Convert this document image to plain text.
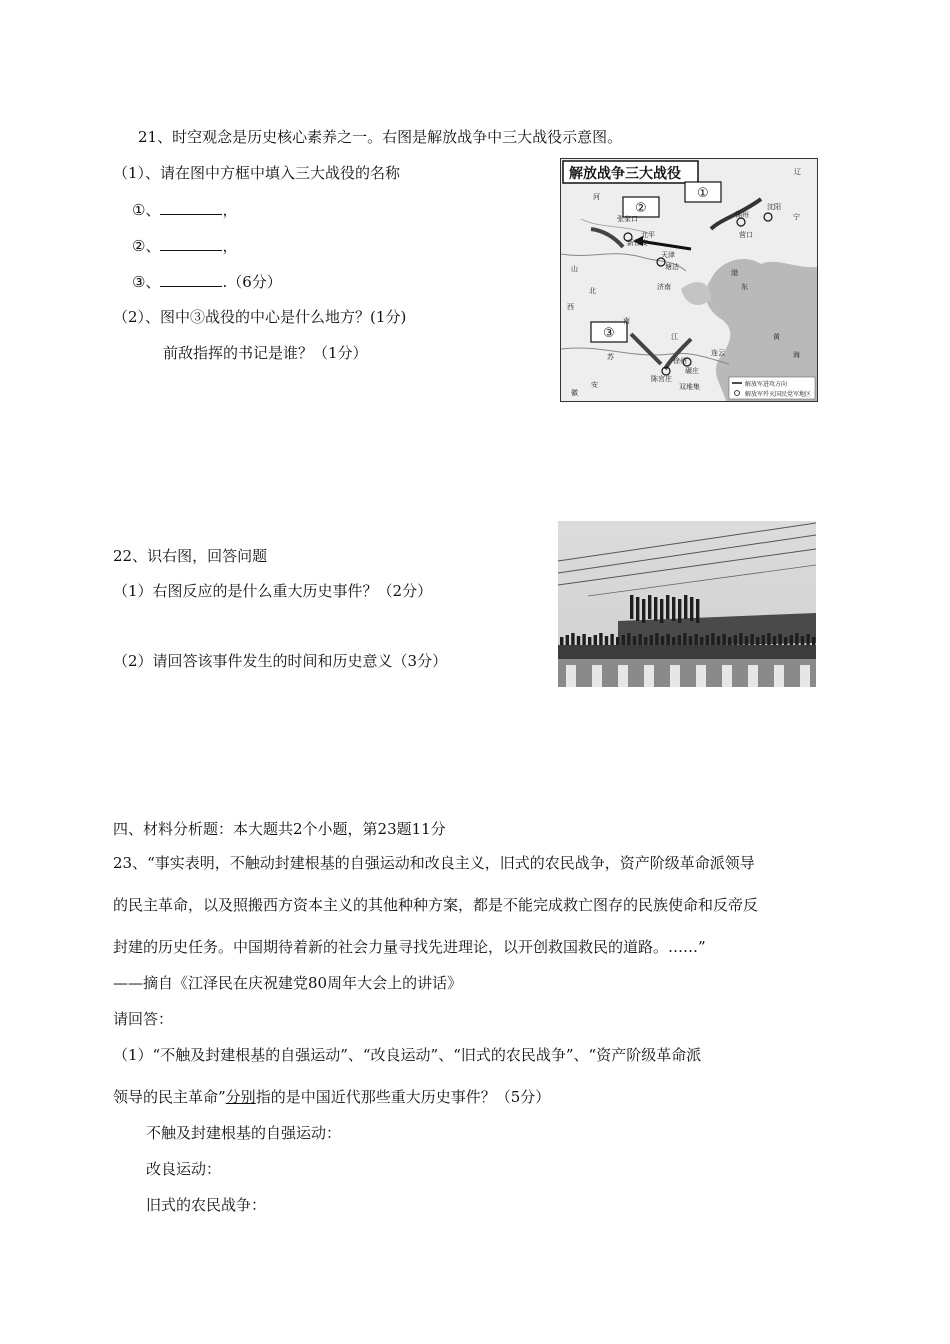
21、时空观念是历史核心素养之一。右图是解放战争中三大战役示意图。
（1）、请在图中方框中填入三大战役的名称
①、	，
②、	，
③、	.（6分）
（2）、图中③战役的中心是什么地方？(1分)
前敌指挥的书记是谁？（1分）
解放战争三大战役
①
②
③
辽
宁
沈阳
锦州
营口
张家口
新保安
北平
天津
塘沽
济南
徐州
碾庄
陈官庄
双堆集
连云
黄
海
渤
山
东
西
北
河
南
江
苏
安
徽
解放军进攻方向
解放军歼灭国民党军地区
22、识右图，回答问题
（1）右图反应的是什么重大历史事件？（2分）
（2）请回答该事件发生的时间和历史意义（3分）
四、材料分析题：本大题共2个小题，第23题11分
23、“事实表明，不触动封建根基的自强运动和改良主义，旧式的农民战争，资产阶级革命派领导
的民主革命，以及照搬西方资本主义的其他种种方案，都是不能完成救亡图存的民族使命和反帝反
封建的历史任务。中国期待着新的社会力量寻找先进理论，以开创救国救民的道路。……”
——摘自《江泽民在庆祝建党80周年大会上的讲话》
请回答：
（1）“不触及封建根基的自强运动”、“改良运动”、“旧式的农民战争”、“资产阶级革命派
领导的民主革命”分别指的是中国近代那些重大历史事件？（5分）
不触及封建根基的自强运动：
改良运动：
旧式的农民战争：
